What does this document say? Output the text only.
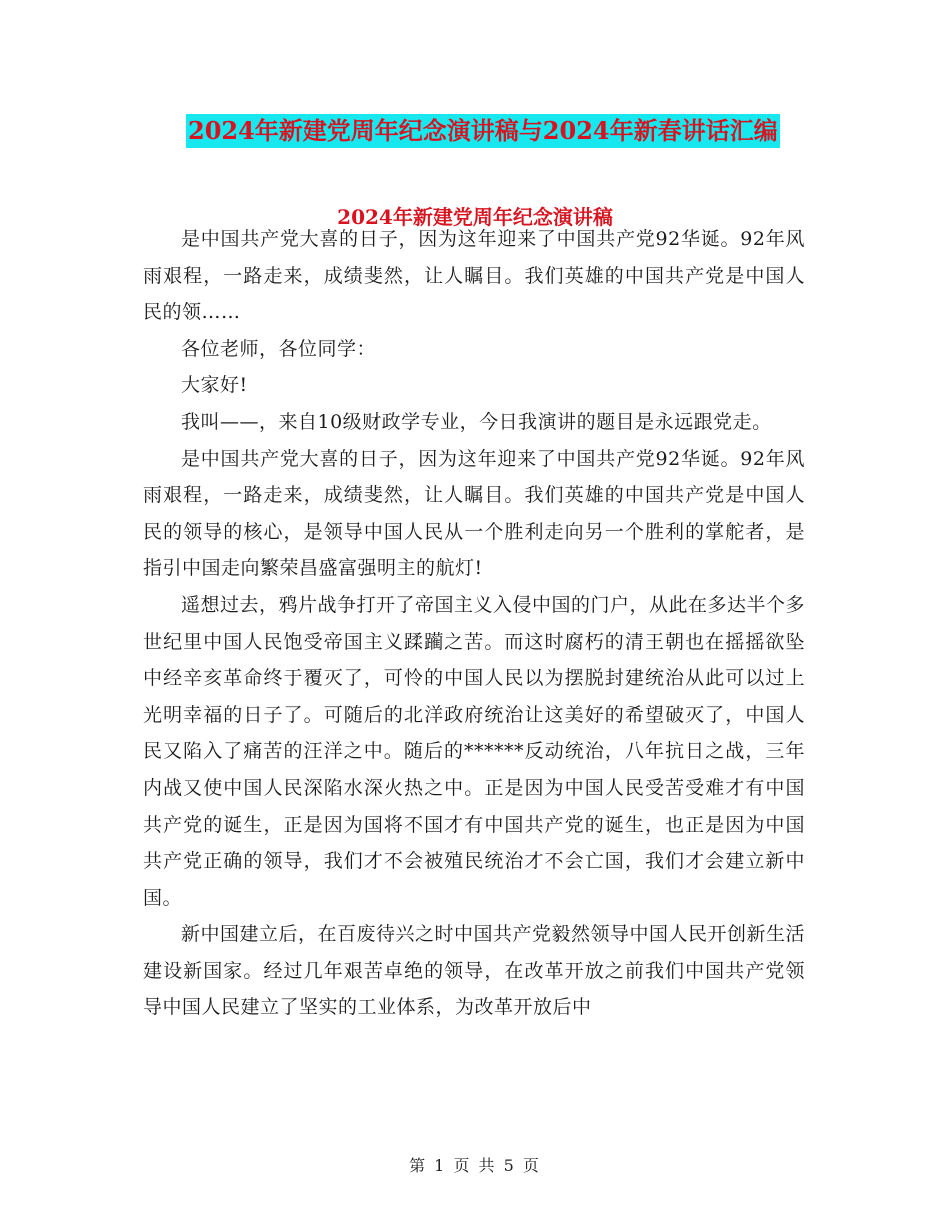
2024年新建党周年纪念演讲稿与2024年新春讲话汇编
2024年新建党周年纪念演讲稿

是中国共产党大喜的日子，因为这年迎来了中国共产党92华诞。92年风雨艰程，一路走来，成绩斐然，让人瞩目。我们英雄的中国共产党是中国人民的领……

各位老师，各位同学：

大家好!

我叫——，来自10级财政学专业，今日我演讲的题目是永远跟党走。

是中国共产党大喜的日子，因为这年迎来了中国共产党92华诞。92年风雨艰程，一路走来，成绩斐然，让人瞩目。我们英雄的中国共产党是中国人民的领导的核心，是领导中国人民从一个胜利走向另一个胜利的掌舵者，是指引中国走向繁荣昌盛富强明主的航灯!

遥想过去，鸦片战争打开了帝国主义入侵中国的门户，从此在多达半个多世纪里中国人民饱受帝国主义蹂躏之苦。而这时腐朽的清王朝也在摇摇欲坠中经辛亥革命终于覆灭了，可怜的中国人民以为摆脱封建统治从此可以过上光明幸福的日子了。可随后的北洋政府统治让这美好的希望破灭了，中国人民又陷入了痛苦的汪洋之中。随后的******反动统治，八年抗日之战，三年内战又使中国人民深陷水深火热之中。正是因为中国人民受苦受难才有中国共产党的诞生，正是因为国将不国才有中国共产党的诞生，也正是因为中国共产党正确的领导，我们才不会被殖民统治才不会亡国，我们才会建立新中国。

新中国建立后，在百废待兴之时中国共产党毅然领导中国人民开创新生活建设新国家。经过几年艰苦卓绝的领导，在改革开放之前我们中国共产党领导中国人民建立了坚实的工业体系，为改革开放后中

第 1 页 共 5 页
